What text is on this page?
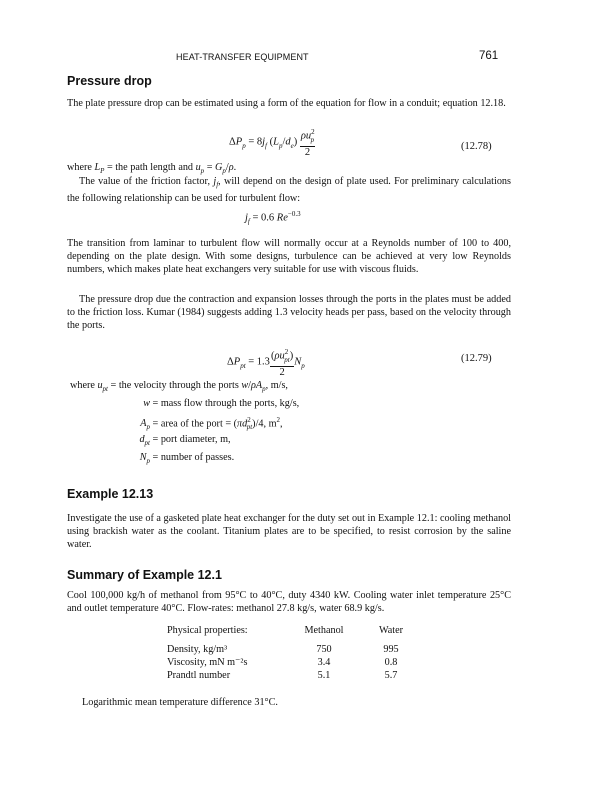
HEAT-TRANSFER EQUIPMENT	761
Pressure drop

The plate pressure drop can be estimated using a form of the equation for flow in a conduit; equation 12.18.

$\Delta P_p = 8j_f$ $(L_p/d_e) \frac{\rho u^2_p}{2}$	(12.78)
where $L_P$ = the path length and $u_p = G_p/\rho$.

The value of the friction factor, $j_f$, will depend on the design of plate used. For preliminary calculations the following relationship can be used for turbulent flow:

$j_f = 0.6$ $Re^{-0.3}$

The transition from laminar to turbulent flow will normally occur at a Reynolds number of 100 to 400, depending on the plate design. With some designs, turbulence can be achieved at very low Reynolds numbers, which makes plate heat exchangers very suitable for use with viscous fluids.

The pressure drop due the contraction and expansion losses through the ports in the plates must be added to the friction loss. Kumar (1984) suggests adding 1.3 velocity heads per pass, based on the velocity through the ports.

$\Delta P_{pt} = 1.3 \frac{(\rho u^2_{pt})}{2} N_p$
(12.79)
where $u_{pt}$ = the velocity through the ports $w/\rho A_p$, m/s,
w = mass flow through the ports, kg/s,
$A_p$ = area of the port = $(\pi d^2_{pt})/4$, $m^2$,
$d_{pt}$ = port diameter, m,
$N_p$ = number of passes.
Example 12.13

Investigate the use of a gasketed plate heat exchanger for the duty set out in Example 12.1: cooling methanol using brackish water as the coolant. Titanium plates are to be specified, to resist corrosion by the saline water.

Summary of Example 12.1

Cool 100,000 kg/h of methanol from 95°C to 40°C, duty 4340 kW. Cooling water inlet temperature 25°C and outlet temperature 40°C. Flow-rates: methanol 27.8 kg/s, water 68.9 kg/s.

Physical properties:	Methanol	Water

Density, kg/m³	750	995
Viscosity, mN m⁻²s	3.4	0.8
Prandtl number	5.1	5.7
Logarithmic mean temperature difference 31°C.
